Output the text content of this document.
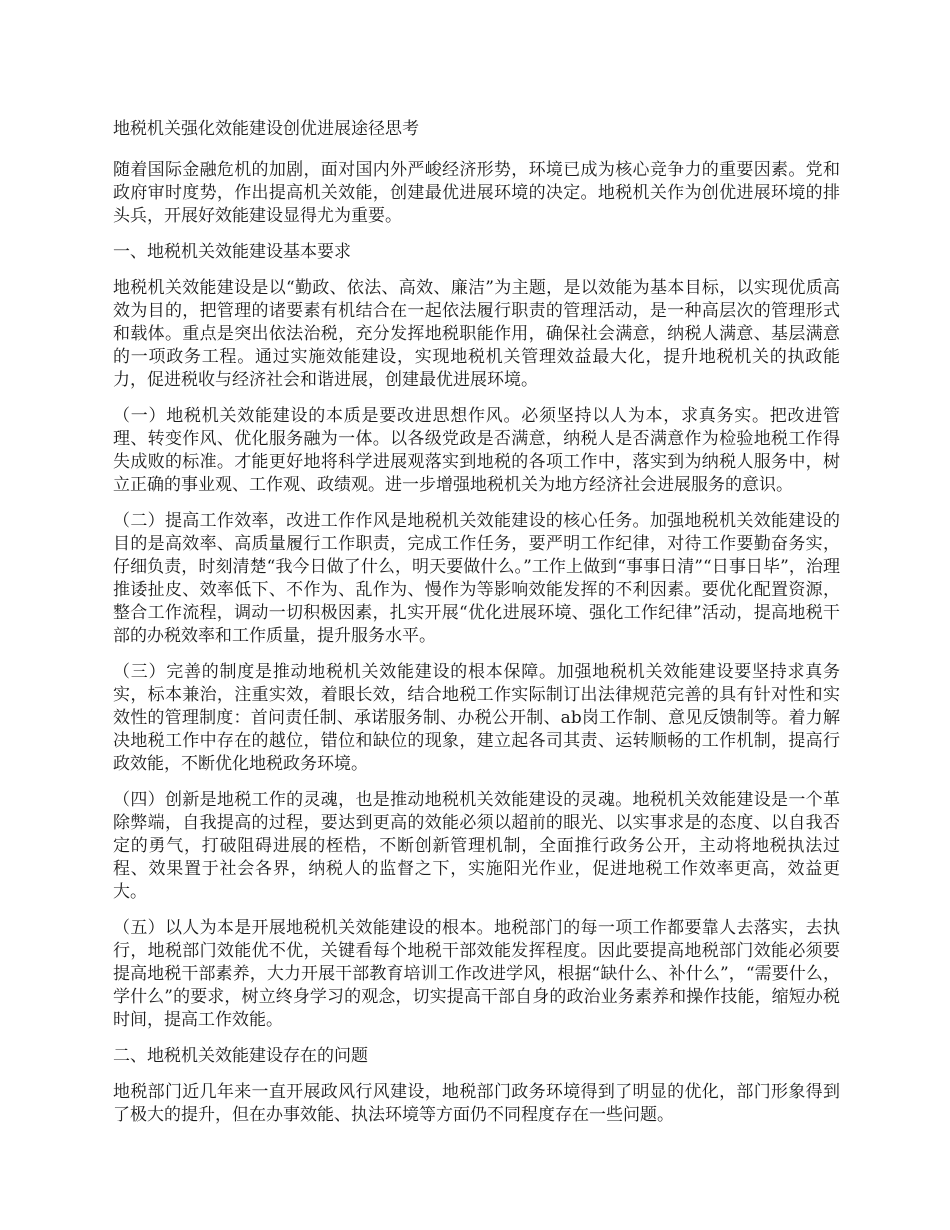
地税机关强化效能建设创优进展途径思考

随着国际金融危机的加剧，面对国内外严峻经济形势，环境已成为核心竞争力的重要因素。党和政府审时度势，作出提高机关效能，创建最优进展环境的决定。地税机关作为创优进展环境的排头兵，开展好效能建设显得尤为重要。

一、地税机关效能建设基本要求

地税机关效能建设是以“勤政、依法、高效、廉洁”为主题，是以效能为基本目标，以实现优质高效为目的，把管理的诸要素有机结合在一起依法履行职责的管理活动，是一种高层次的管理形式和载体。重点是突出依法治税，充分发挥地税职能作用，确保社会满意，纳税人满意、基层满意的一项政务工程。通过实施效能建设，实现地税机关管理效益最大化，提升地税机关的执政能力，促进税收与经济社会和谐进展，创建最优进展环境。

（一）地税机关效能建设的本质是要改进思想作风。必须坚持以人为本，求真务实。把改进管理、转变作风、优化服务融为一体。以各级党政是否满意，纳税人是否满意作为检验地税工作得失成败的标准。才能更好地将科学进展观落实到地税的各项工作中，落实到为纳税人服务中，树立正确的事业观、工作观、政绩观。进一步增强地税机关为地方经济社会进展服务的意识。

（二）提高工作效率，改进工作作风是地税机关效能建设的核心任务。加强地税机关效能建设的目的是高效率、高质量履行工作职责，完成工作任务，要严明工作纪律，对待工作要勤奋务实，仔细负责，时刻清楚“我今日做了什么，明天要做什么。”工作上做到“事事日清”“日事日毕”，治理推诿扯皮、效率低下、不作为、乱作为、慢作为等影响效能发挥的不利因素。要优化配置资源，整合工作流程，调动一切积极因素，扎实开展“优化进展环境、强化工作纪律”活动，提高地税干部的办税效率和工作质量，提升服务水平。

（三）完善的制度是推动地税机关效能建设的根本保障。加强地税机关效能建设要坚持求真务实，标本兼治，注重实效，着眼长效，结合地税工作实际制订出法律规范完善的具有针对性和实效性的管理制度：首问责任制、承诺服务制、办税公开制、ab岗工作制、意见反馈制等。着力解决地税工作中存在的越位，错位和缺位的现象，建立起各司其责、运转顺畅的工作机制，提高行政效能，不断优化地税政务环境。

（四）创新是地税工作的灵魂，也是推动地税机关效能建设的灵魂。地税机关效能建设是一个革除弊端，自我提高的过程，要达到更高的效能必须以超前的眼光、以实事求是的态度、以自我否定的勇气，打破阻碍进展的桎梏，不断创新管理机制，全面推行政务公开，主动将地税执法过程、效果置于社会各界，纳税人的监督之下，实施阳光作业，促进地税工作效率更高，效益更大。

（五）以人为本是开展地税机关效能建设的根本。地税部门的每一项工作都要靠人去落实，去执行，地税部门效能优不优，关键看每个地税干部效能发挥程度。因此要提高地税部门效能必须要提高地税干部素养，大力开展干部教育培训工作改进学风，根据“缺什么、补什么”，“需要什么，学什么”的要求，树立终身学习的观念，切实提高干部自身的政治业务素养和操作技能，缩短办税时间，提高工作效能。

二、地税机关效能建设存在的问题

地税部门近几年来一直开展政风行风建设，地税部门政务环境得到了明显的优化，部门形象得到了极大的提升，但在办事效能、执法环境等方面仍不同程度存在一些问题。
